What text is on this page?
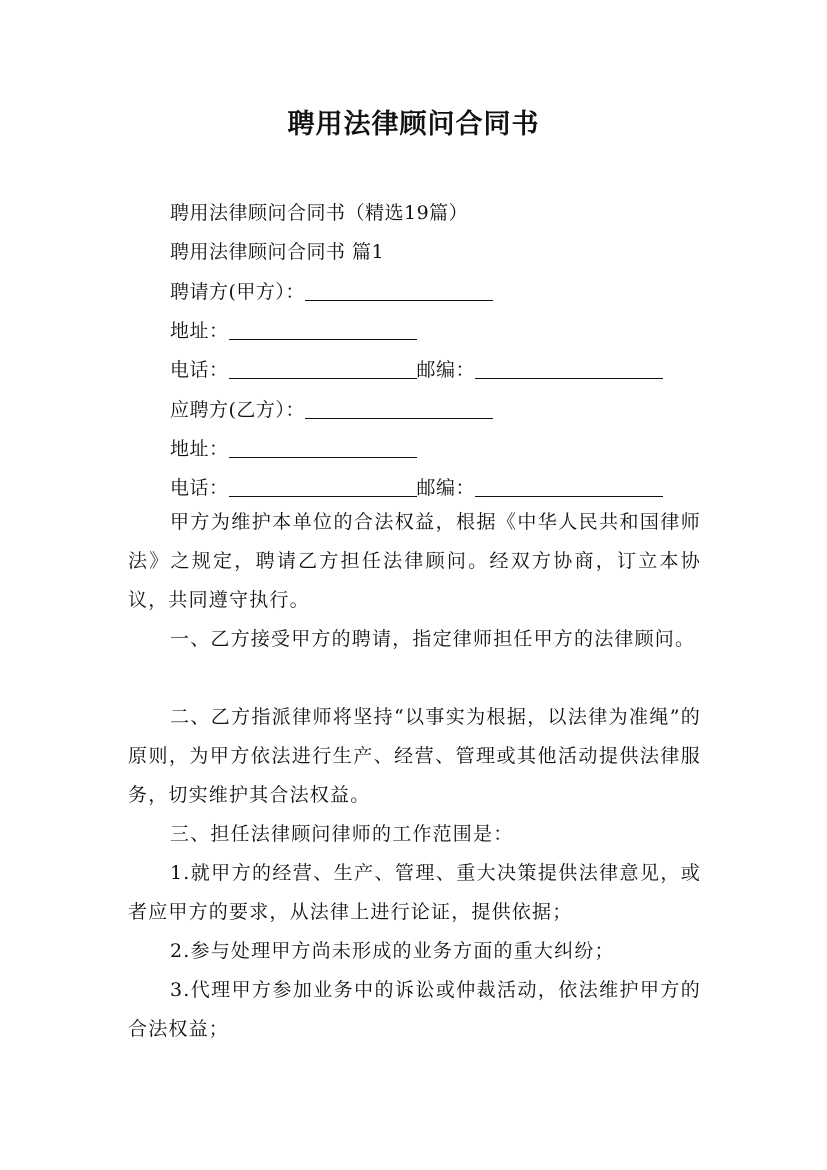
聘用法律顾问合同书
聘用法律顾问合同书（精选19篇）
聘用法律顾问合同书 篇1
聘请方(甲方）：
地址：
电话：	邮编：
应聘方(乙方）：
地址：
电话：	邮编：
甲方为维护本单位的合法权益，根据《中华人民共和国律师法》之规定，聘请乙方担任法律顾问。经双方协商，订立本协议，共同遵守执行。
一、乙方接受甲方的聘请，指定律师担任甲方的法律顾问。
二、乙方指派律师将坚持“以事实为根据，以法律为准绳”的原则，为甲方依法进行生产、经营、管理或其他活动提供法律服务，切实维护其合法权益。
三、担任法律顾问律师的工作范围是：
1.就甲方的经营、生产、管理、重大决策提供法律意见，或者应甲方的要求，从法律上进行论证，提供依据；
2.参与处理甲方尚未形成的业务方面的重大纠纷；
3.代理甲方参加业务中的诉讼或仲裁活动，依法维护甲方的合法权益；
